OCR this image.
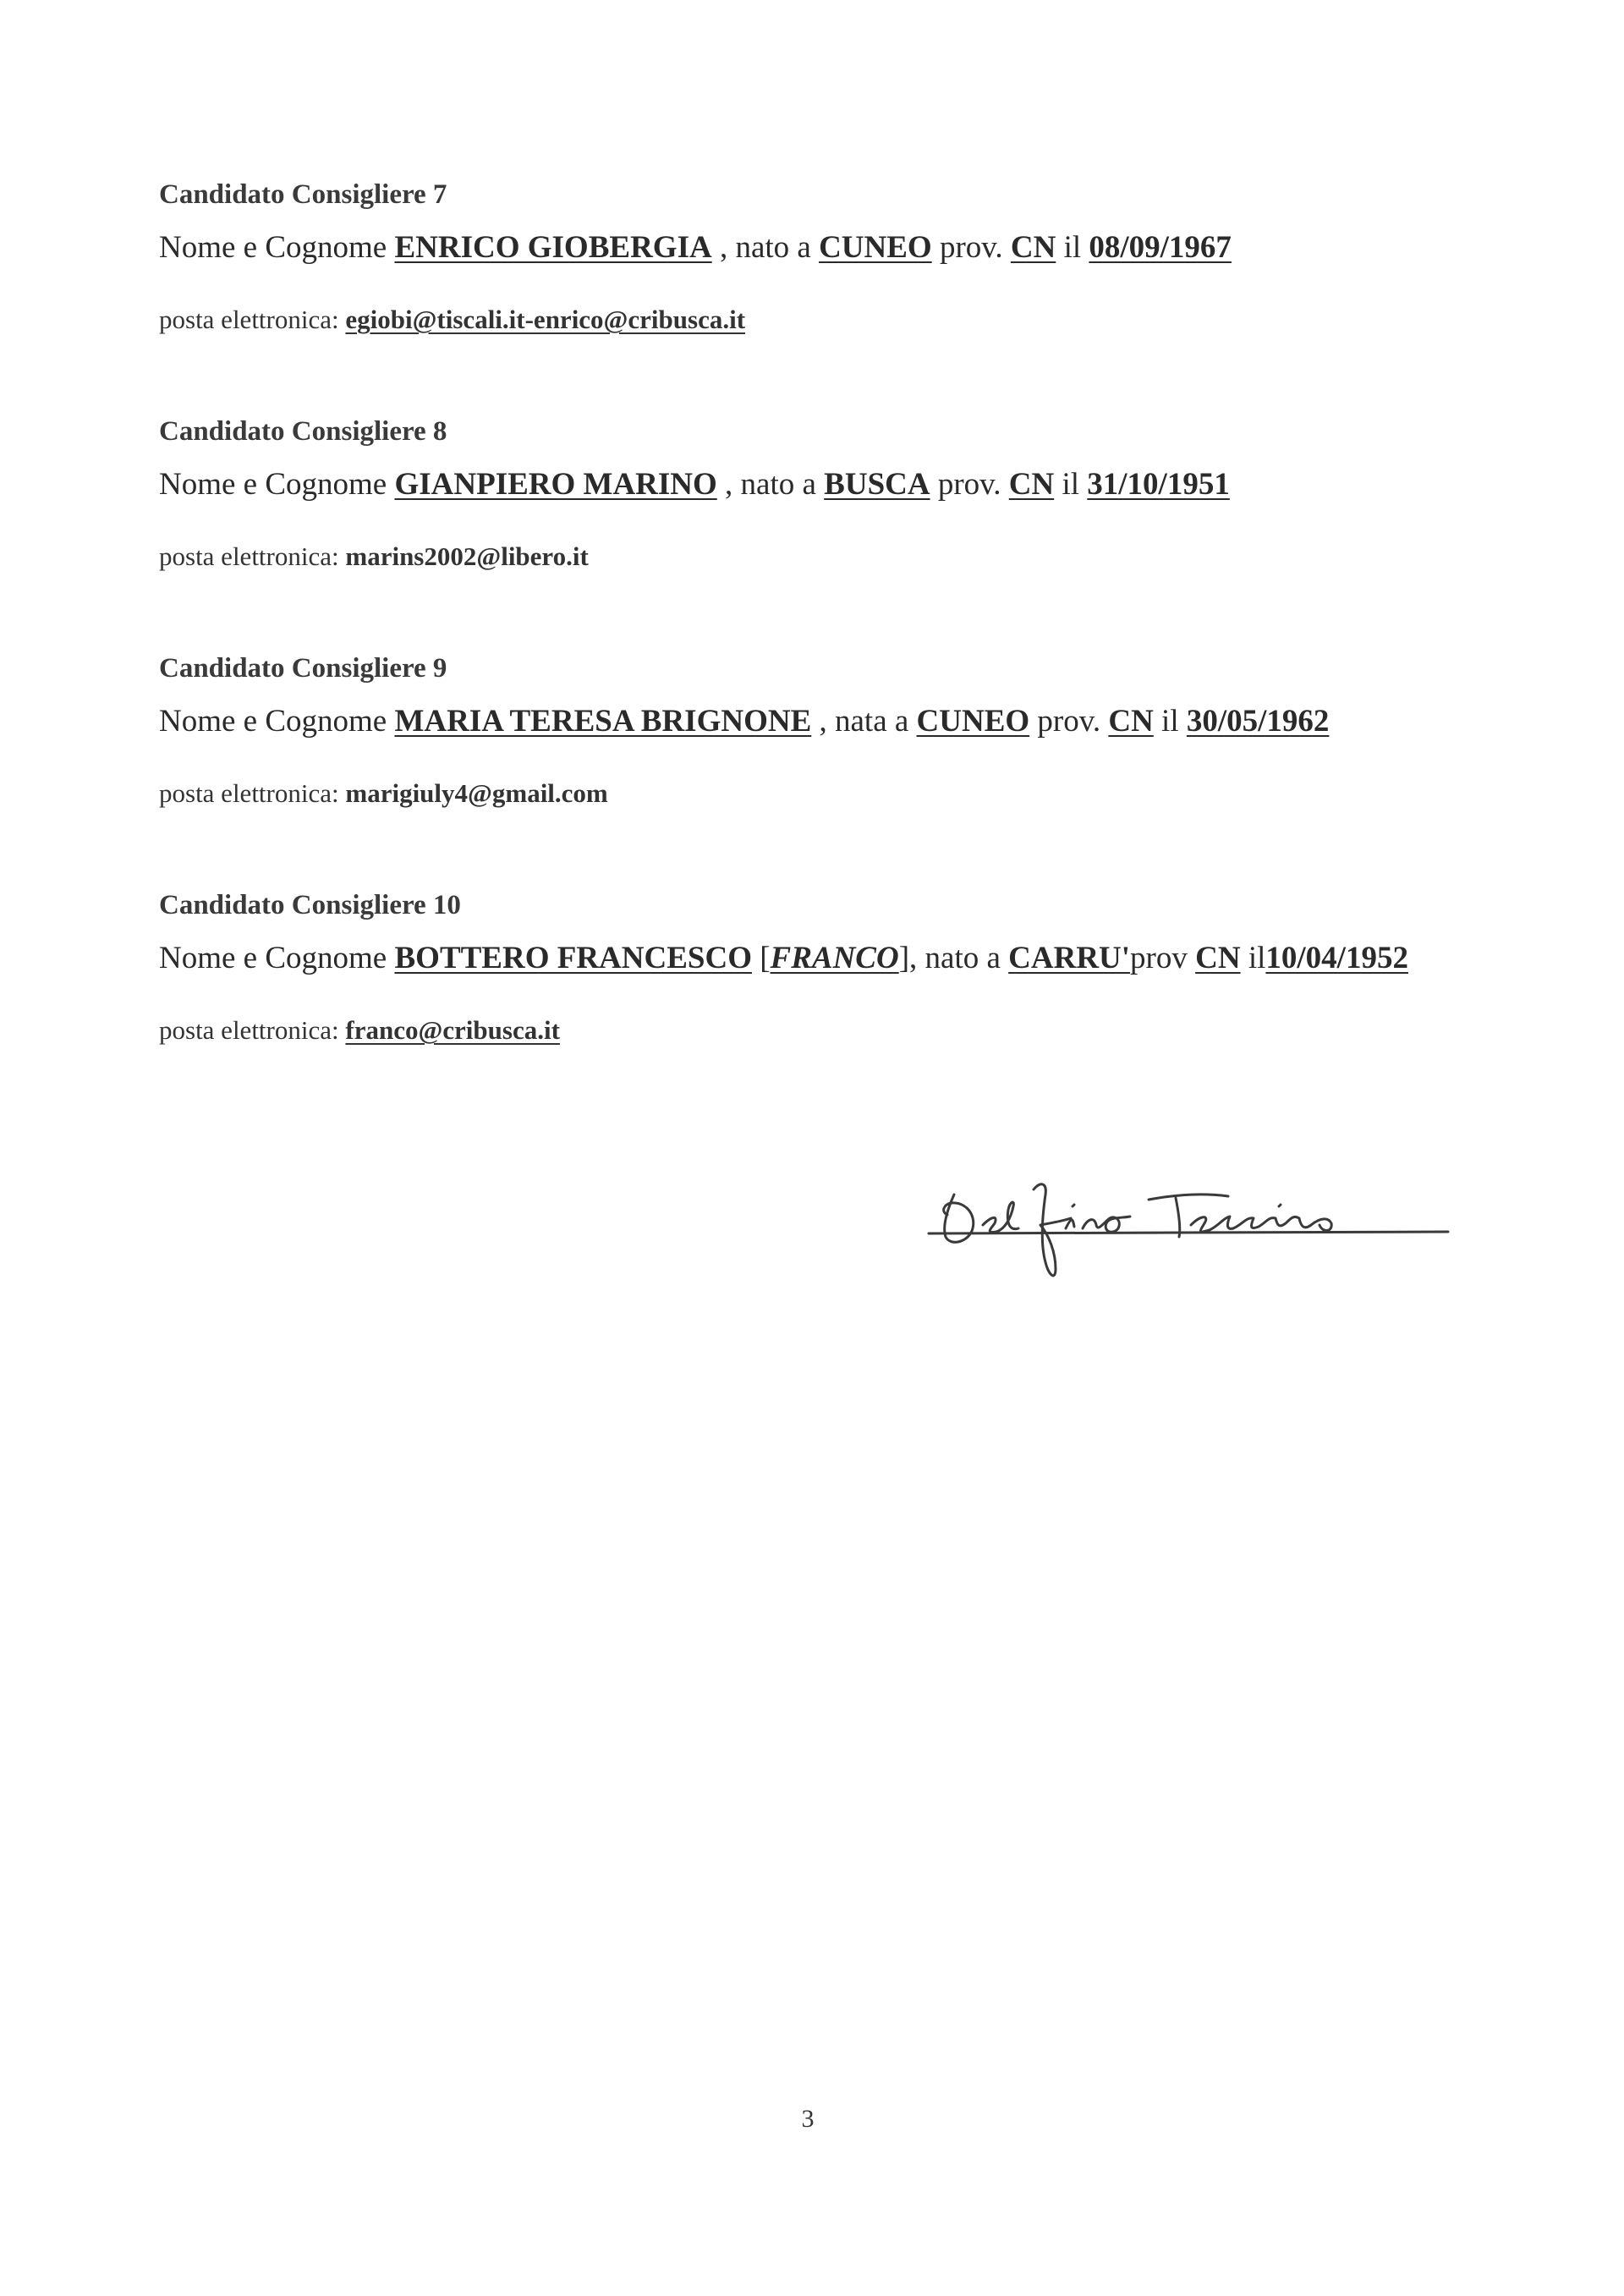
Candidato Consigliere 7

Nome e Cognome ENRICO GIOBERGIA , nato a CUNEO prov. CN il 08/09/1967

posta elettronica: egiobi@tiscali.it-enrico@cribusca.it

Candidato Consigliere 8

Nome e Cognome GIANPIERO MARINO , nato a BUSCA prov. CN il 31/10/1951

posta elettronica: marins2002@libero.it

Candidato Consigliere 9

Nome e Cognome MARIA TERESA BRIGNONE , nata a CUNEO prov. CN il 30/05/1962

posta elettronica: marigiuly4@gmail.com

Candidato Consigliere 10

Nome e Cognome BOTTERO FRANCESCO [FRANCO], nato a CARRU'prov CN il10/04/1952

posta elettronica: franco@cribusca.it

3
